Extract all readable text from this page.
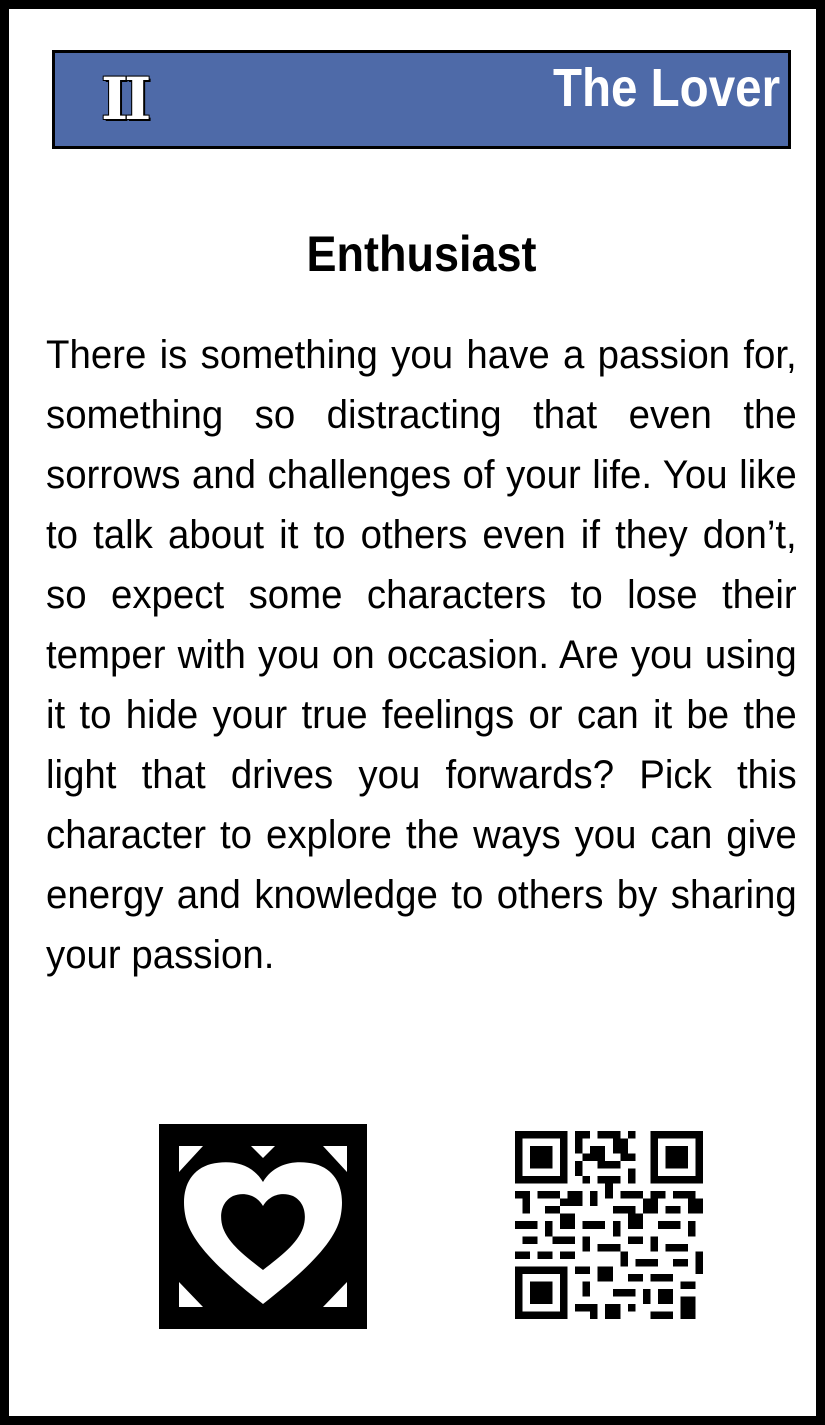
II	The Lover
Enthusiast
There is something you have a passion for, something so distracting that even the sorrows and challenges of your life. You like to talk about it to others even if they don’t, so expect some characters to lose their temper with you on occasion. Are you using it to hide your true feelings or can it be the light that drives you forwards? Pick this character to explore the ways you can give energy and knowledge to others by sharing your passion.
